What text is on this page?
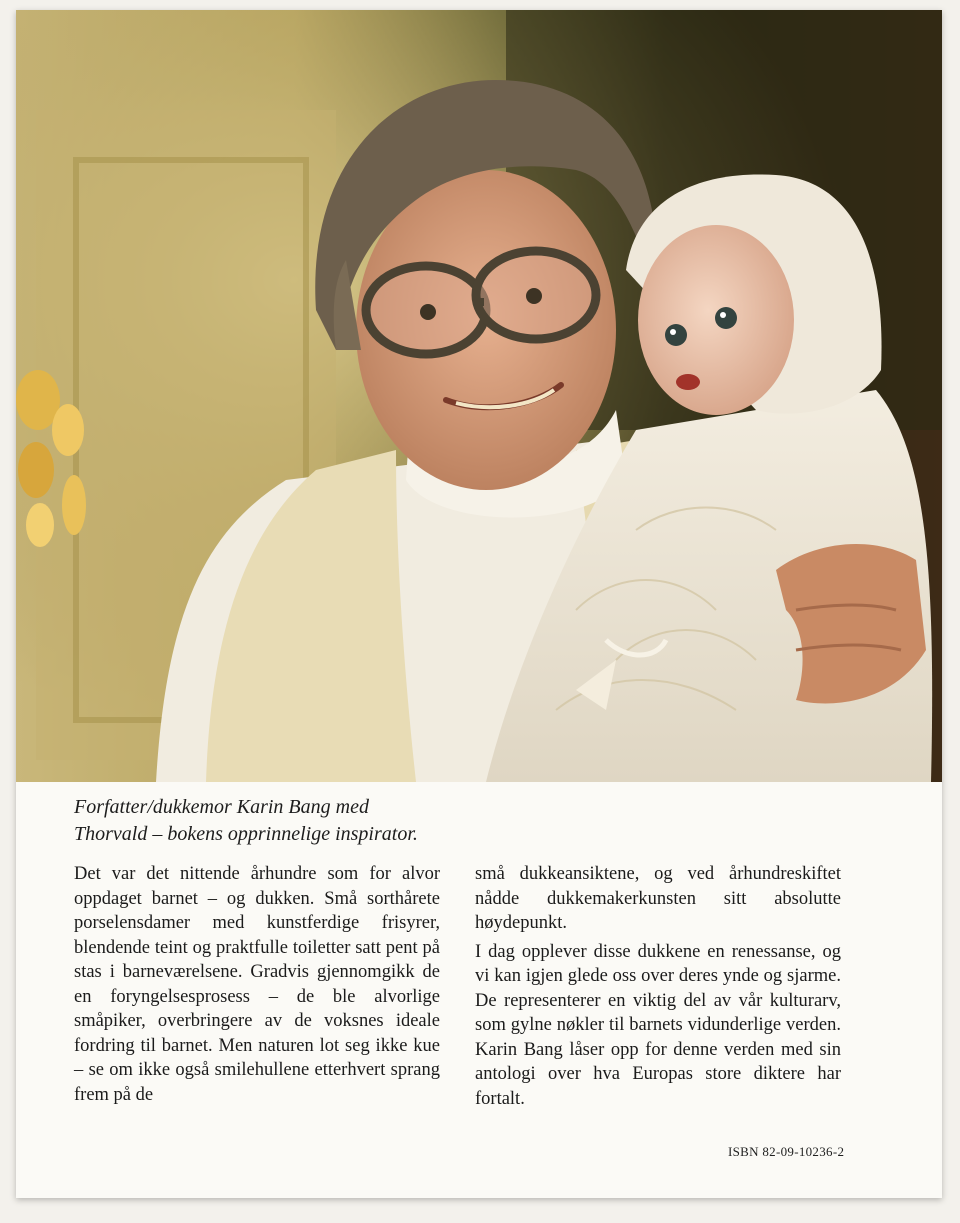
Forfatter/dukkemor Karin Bang med
Thorvald – bokens opprinnelige inspirator.

Det var det nittende århundre som for alvor oppdaget barnet – og dukken. Små sorthårete porselensdamer med kunstferdige frisyrer, blendende teint og praktfulle toiletter satt pent på stas i barneværelsene. Gradvis gjennomgikk de en foryngelsesprosess – de ble alvorlige småpiker, overbringere av de voksnes ideale fordring til barnet. Men naturen lot seg ikke kue – se om ikke også smilehullene etterhvert sprang frem på de

små dukkeansiktene, og ved århundreskiftet nådde dukkemakerkunsten sitt absolutte høydepunkt.

I dag opplever disse dukkene en renessanse, og vi kan igjen glede oss over deres ynde og sjarme. De representerer en viktig del av vår kulturarv, som gylne nøkler til barnets vidunderlige verden. Karin Bang låser opp for denne verden med sin antologi over hva Europas store diktere har fortalt.

ISBN 82-09-10236-2
